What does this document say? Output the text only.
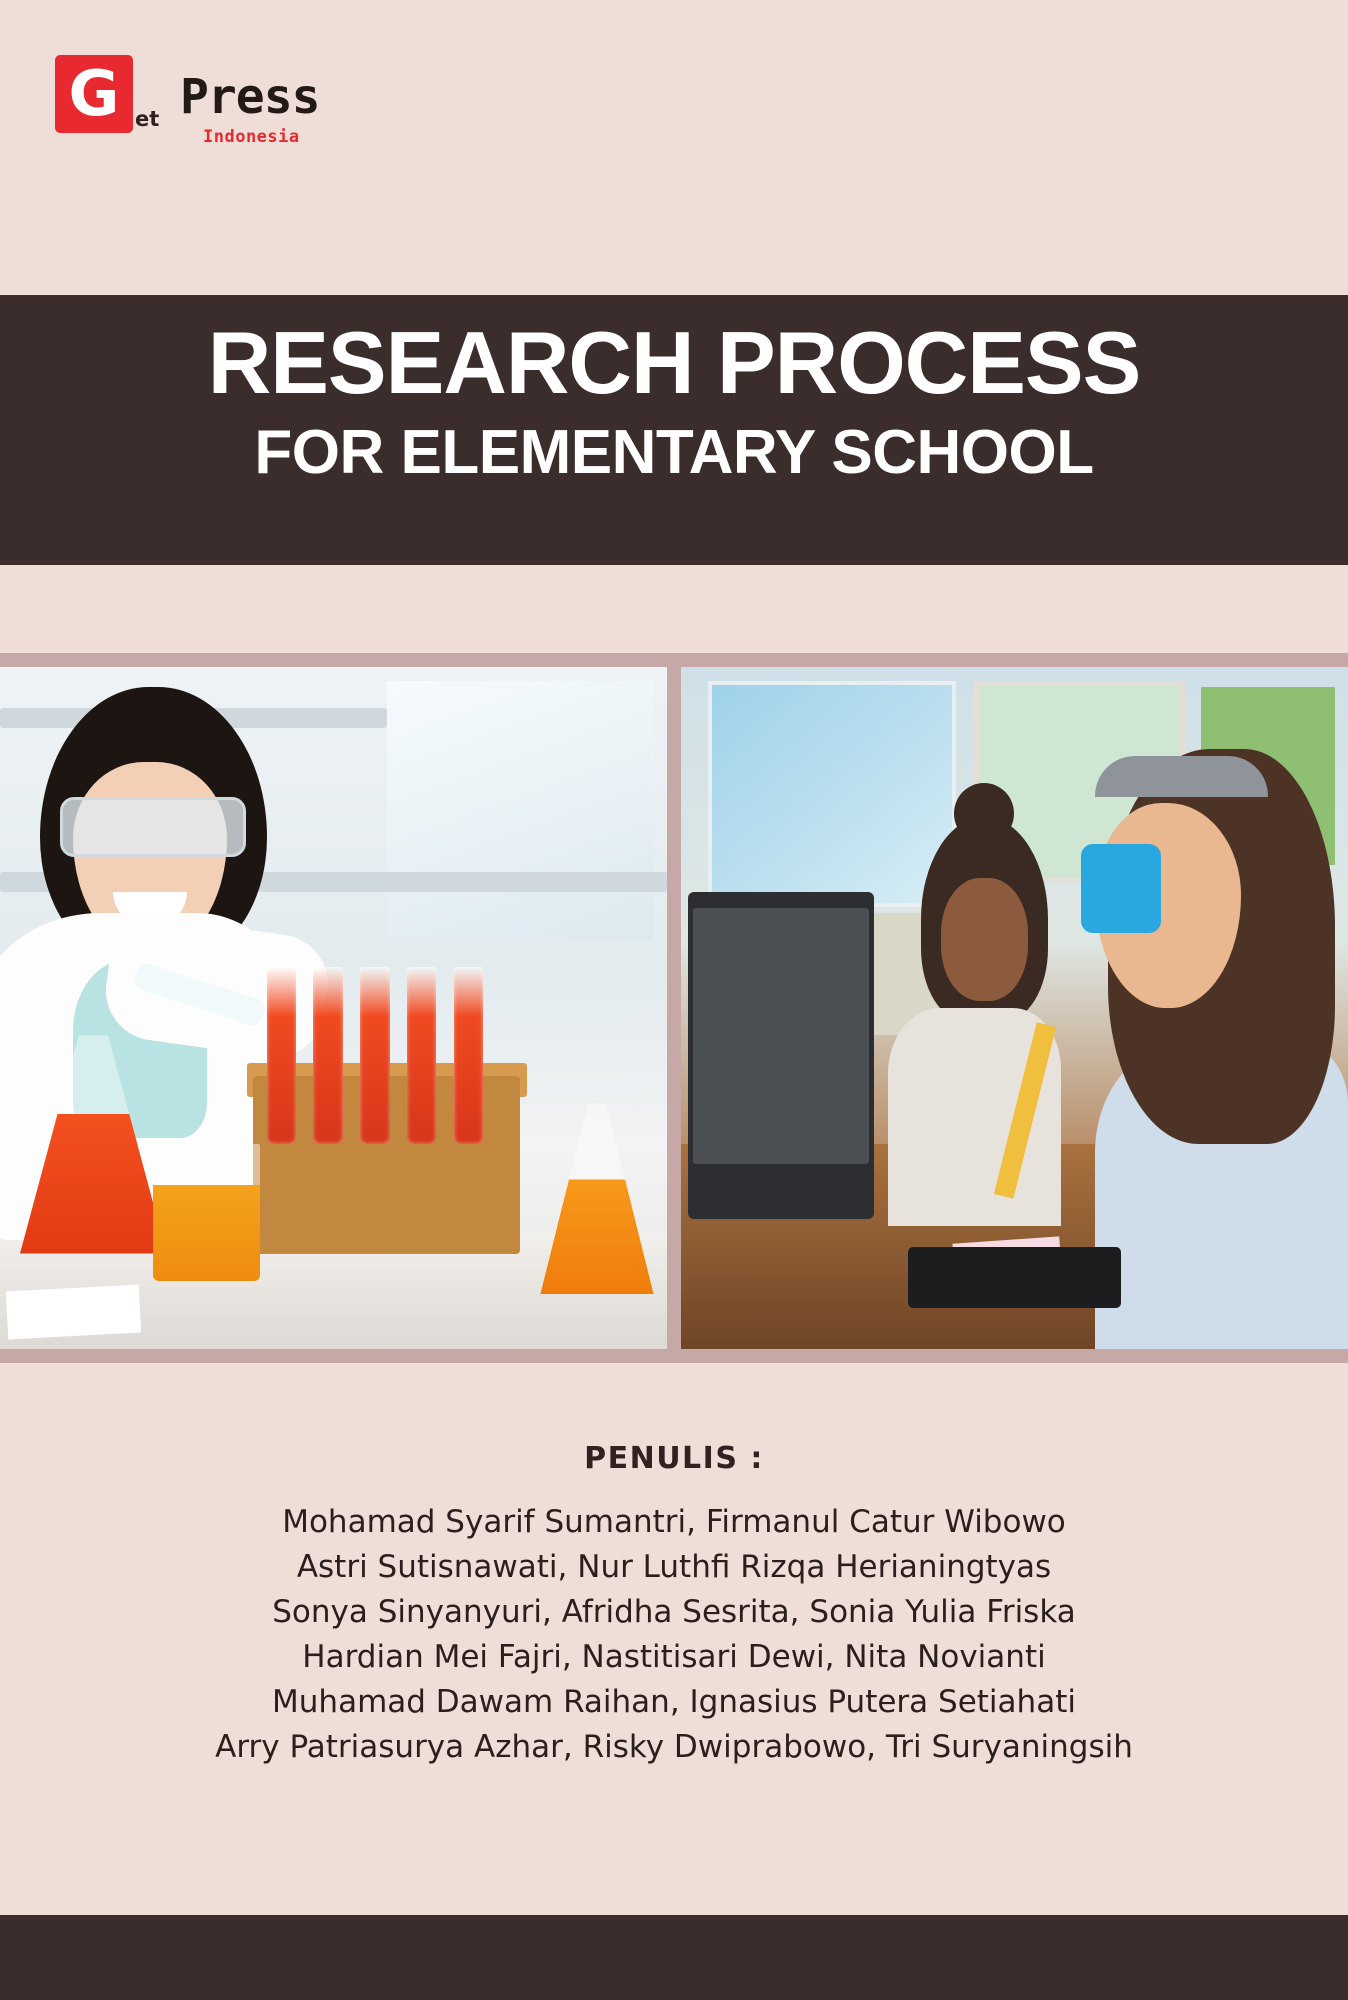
G et Press
Indonesia
RESEARCH PROCESS
FOR ELEMENTARY SCHOOL
PENULIS :
Mohamad Syarif Sumantri, Firmanul Catur Wibowo
Astri Sutisnawati, Nur Luthfi Rizqa Herianingtyas
Sonya Sinyanyuri, Afridha Sesrita, Sonia Yulia Friska
Hardian Mei Fajri, Nastitisari Dewi, Nita Novianti
Muhamad Dawam Raihan, Ignasius Putera Setiahati
Arry Patriasurya Azhar, Risky Dwiprabowo, Tri Suryaningsih
